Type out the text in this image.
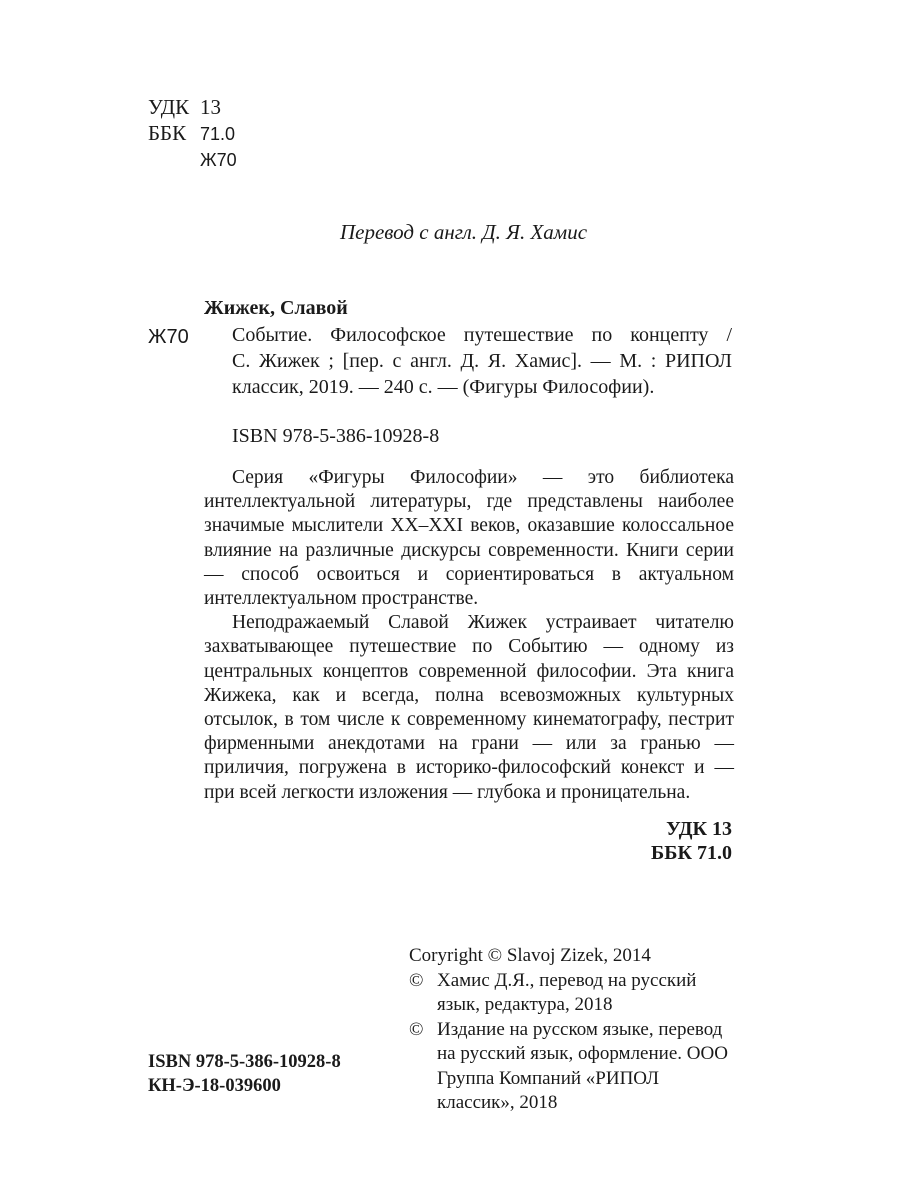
УДК 13
ББК 71.0
Ж70
Перевод с англ. Д. Я. Хамис
Жижек, Славой
Ж70 Событие. Философское путешествие по концепту /
С. Жижек ; [пер. с англ. Д. Я. Хамис]. — М. : РИПОЛ
классик, 2019. — 240 с. — (Фигуры Философии).
ISBN 978-5-386-10928-8

Серия «Фигуры Философии» — это библиотека интеллектуальной литературы, где представлены наиболее значимые мыслители XX–XXI веков, оказавшие колоссальное влияние на различные дискурсы современности. Книги серии — способ освоиться и сориентироваться в актуальном интеллектуальном пространстве.

Неподражаемый Славой Жижек устраивает читателю захватывающее путешествие по Событию — одному из центральных концептов современной философии. Эта книга Жижека, как и всегда, полна всевозможных культурных отсылок, в том числе к современному кинематографу, пестрит фирменными анекдотами на грани — или за гранью — приличия, погружена в историко-философский конекст и — при всей легкости изложения — глубока и проницательна.

УДК 13
ББК 71.0
ISBN 978-5-386-10928-8
КН-Э-18-039600
Coryright © Slavoj Zizek, 2014
© Хамис Д.Я., перевод на русский язык, редактура, 2018
© Издание на русском языке, перевод на русский язык, оформление. ООО Группа Компаний «РИПОЛ классик», 2018
